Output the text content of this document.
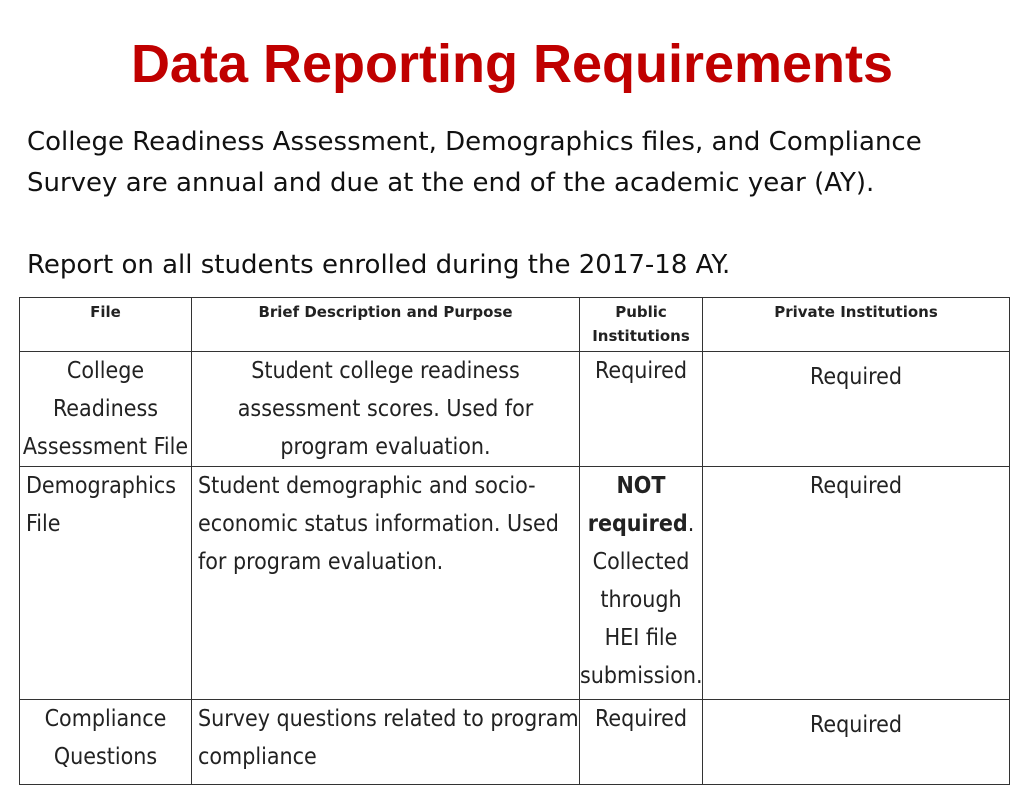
Data Reporting Requirements

College Readiness Assessment, Demographics files, and Compliance Survey are annual and due at the end of the academic year (AY).

Report on all students enrolled during the 2017-18 AY.

File	Brief Description and Purpose	Public Institutions	Private Institutions
College Readiness Assessment File	Student college readiness assessment scores. Used for program evaluation.	Required	Required
Demographics File	Student demographic and socio-economic status information. Used for program evaluation.	NOT required. Collected through HEI file submission.	Required
Compliance Questions	Survey questions related to program compliance	Required	Required
